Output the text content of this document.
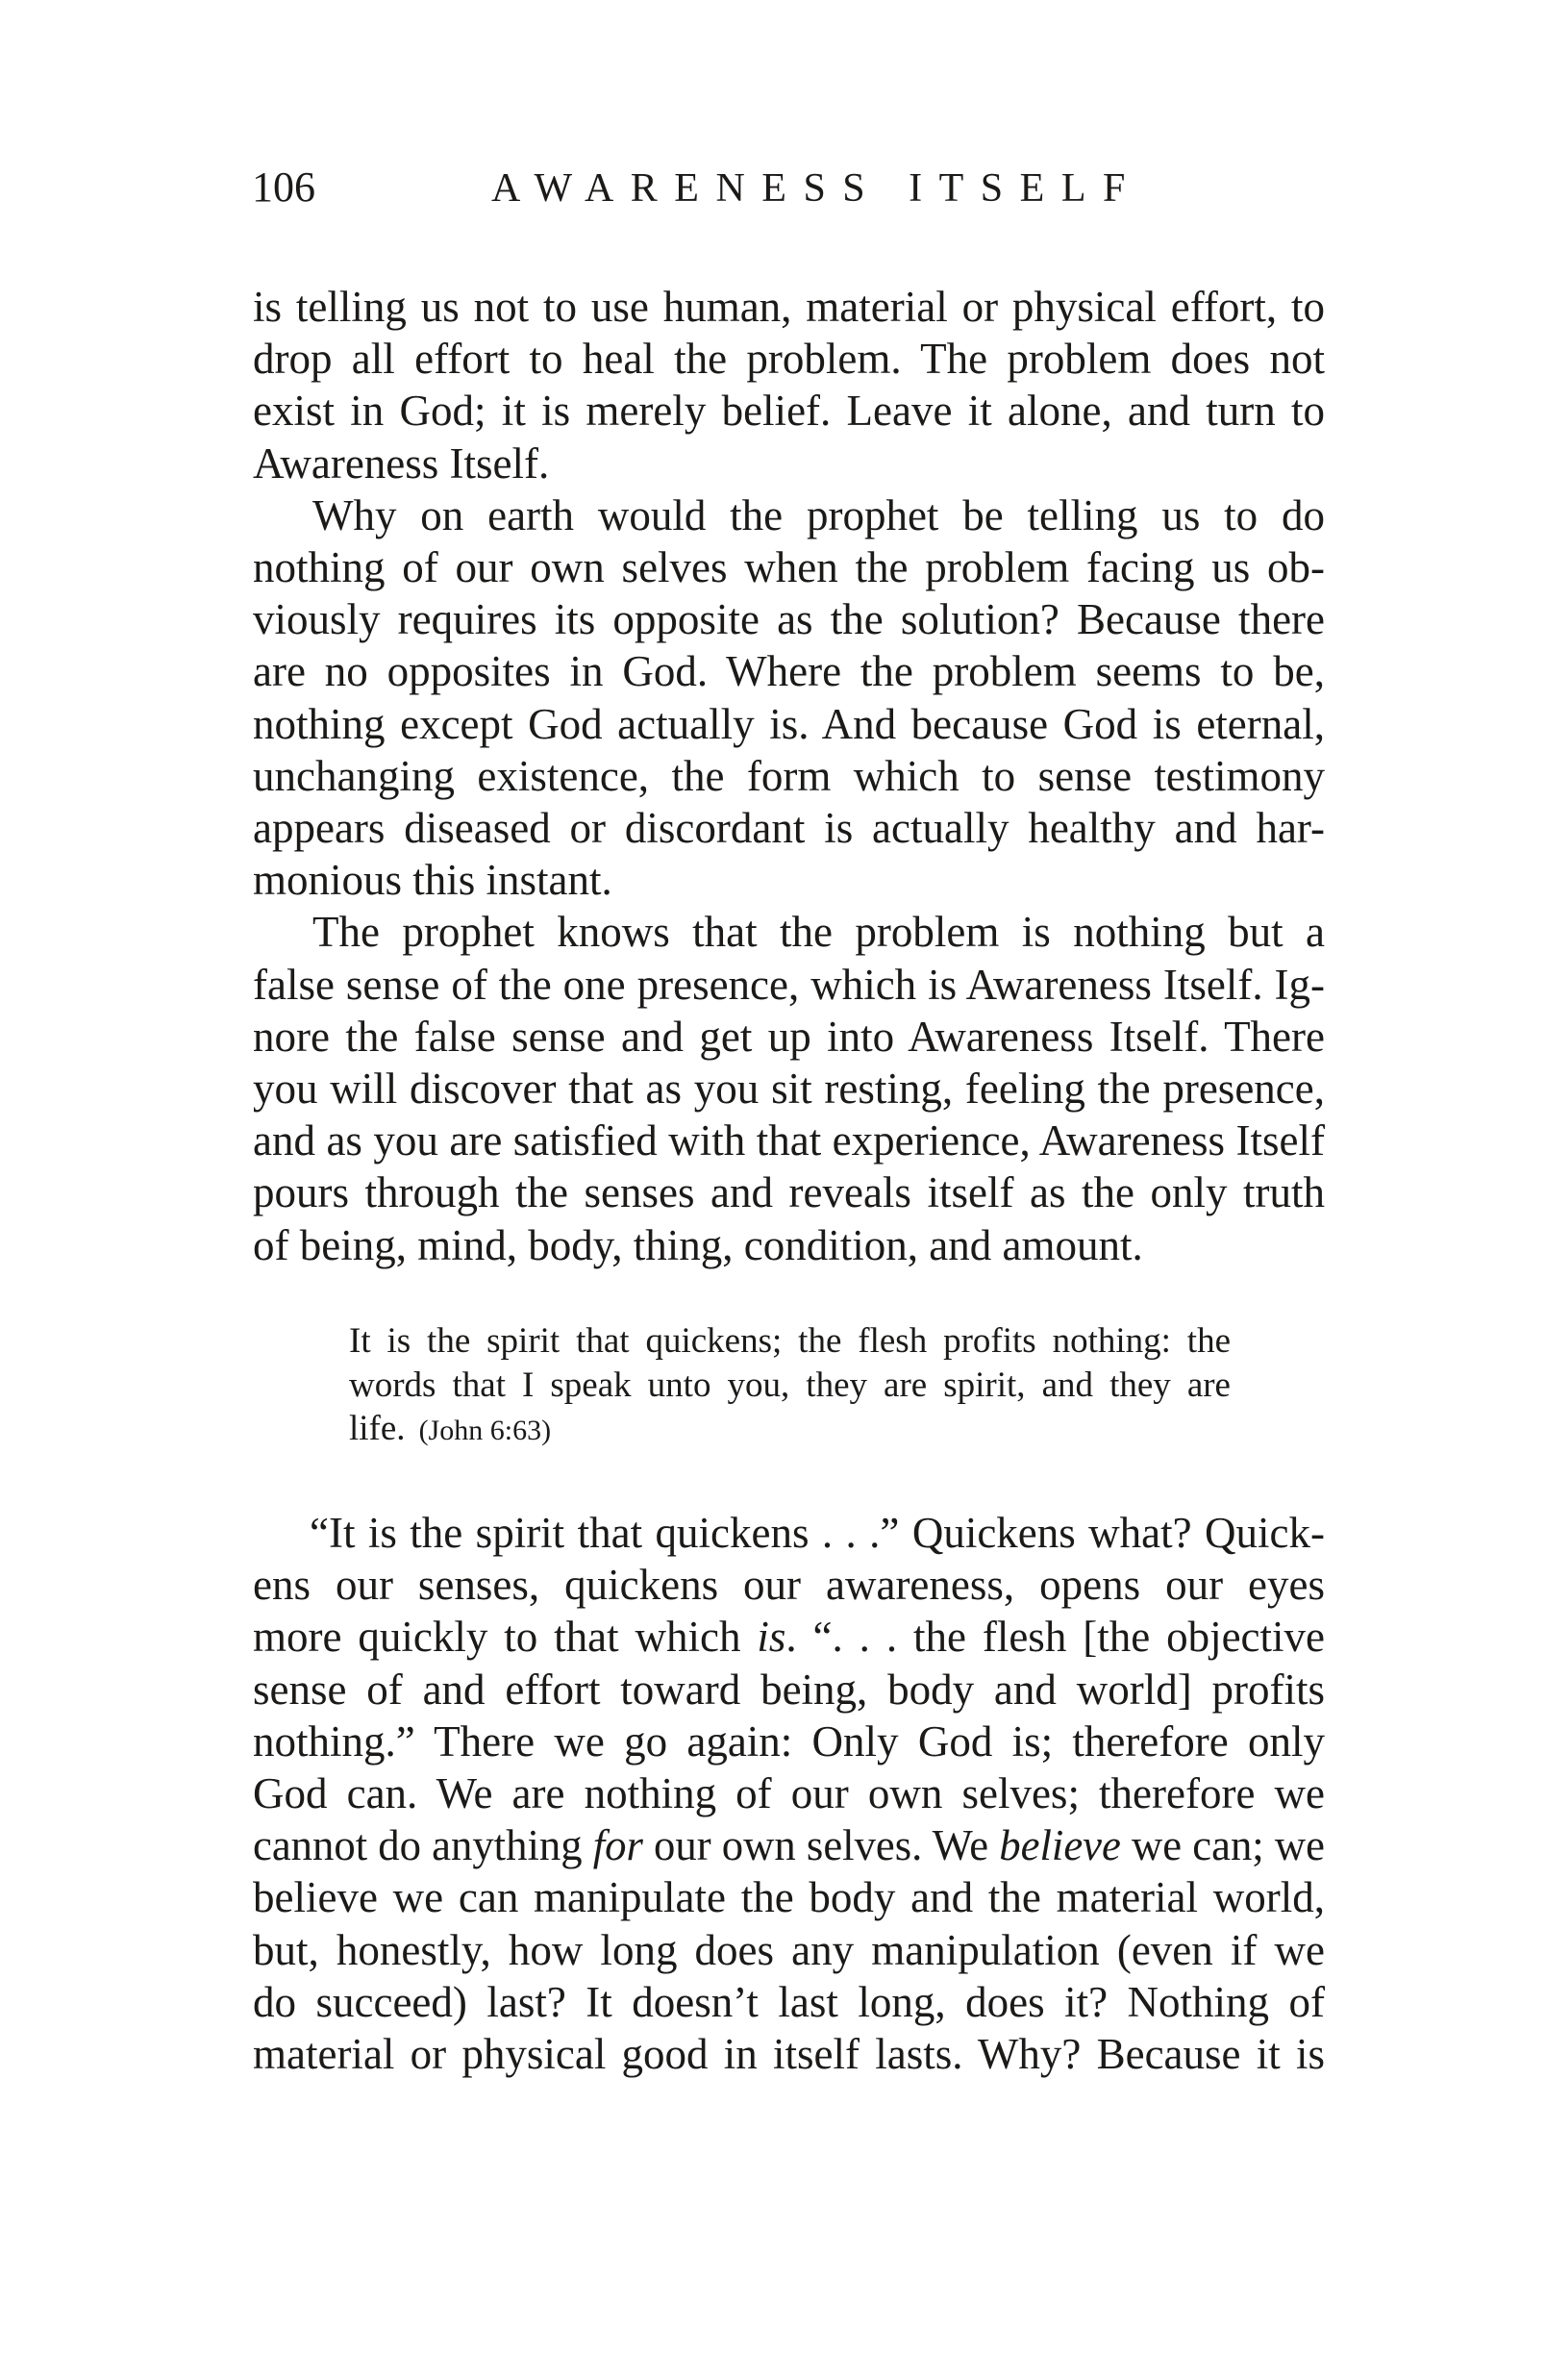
106	AWARENESS ITSELF
is telling us not to use human, material or physical effort, to
drop all effort to heal the problem. The problem does not
exist in God; it is merely belief. Leave it alone, and turn to
Awareness Itself.
Why on earth would the prophet be telling us to do
nothing of our own selves when the problem facing us ob-
viously requires its opposite as the solution? Because there
are no opposites in God. Where the problem seems to be,
nothing except God actually is. And because God is eternal,
unchanging existence, the form which to sense testimony
appears diseased or discordant is actually healthy and har-
monious this instant.
The prophet knows that the problem is nothing but a
false sense of the one presence, which is Awareness Itself. Ig-
nore the false sense and get up into Awareness Itself. There
you will discover that as you sit resting, feeling the presence,
and as you are satisfied with that experience, Awareness Itself
pours through the senses and reveals itself as the only truth
of being, mind, body, thing, condition, and amount.
It is the spirit that quickens; the flesh profits nothing: the
words that I speak unto you, they are spirit, and they are
life. (John 6:63)
“It is the spirit that quickens . . .” Quickens what? Quick-
ens our senses, quickens our awareness, opens our eyes
more quickly to that which is. “. . . the flesh [the objective
sense of and effort toward being, body and world] profits
nothing.” There we go again: Only God is; therefore only
God can. We are nothing of our own selves; therefore we
cannot do anything for our own selves. We believe we can; we
believe we can manipulate the body and the material world,
but, honestly, how long does any manipulation (even if we
do succeed) last? It doesn’t last long, does it? Nothing of
material or physical good in itself lasts. Why? Because it is
